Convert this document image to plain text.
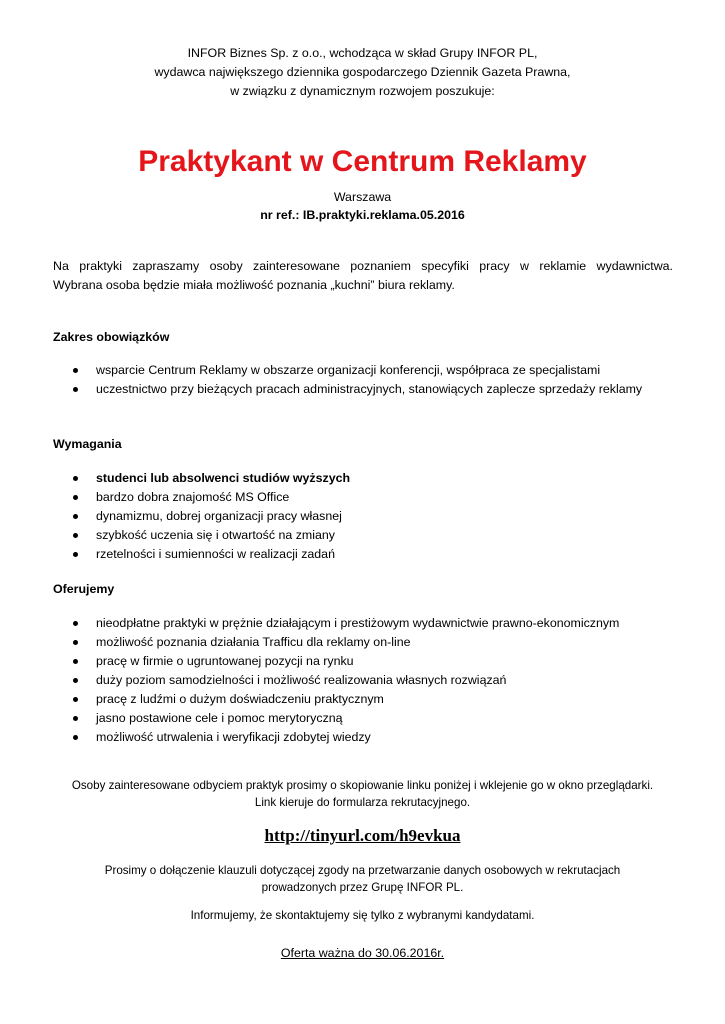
INFOR Biznes Sp. z o.o., wchodząca w skład Grupy INFOR PL,
wydawca największego dziennika gospodarczego Dziennik Gazeta Prawna,
w związku z dynamicznym rozwojem poszukuje:
Praktykant w Centrum Reklamy
Warszawa
nr ref.: IB.praktyki.reklama.05.2016
Na praktyki zapraszamy osoby zainteresowane poznaniem specyfiki pracy w reklamie wydawnictwa.
Wybrana osoba będzie miała możliwość poznania „kuchni” biura reklamy.
Zakres obowiązków
wsparcie Centrum Reklamy w obszarze organizacji konferencji, współpraca ze specjalistami
uczestnictwo przy bieżących pracach administracyjnych, stanowiących zaplecze sprzedaży reklamy
Wymagania
studenci lub absolwenci studiów wyższych
bardzo dobra znajomość MS Office
dynamizmu, dobrej organizacji pracy własnej
szybkość uczenia się i otwartość na zmiany
rzetelności i sumienności w realizacji zadań
Oferujemy
nieodpłatne praktyki w prężnie działającym i prestiżowym wydawnictwie prawno-ekonomicznym
możliwość poznania działania Trafficu dla reklamy on-line
pracę w firmie o ugruntowanej pozycji na rynku
duży poziom samodzielności i możliwość realizowania własnych rozwiązań
pracę z ludźmi o dużym doświadczeniu praktycznym
jasno postawione cele i pomoc merytoryczną
możliwość utrwalenia i weryfikacji zdobytej wiedzy
Osoby zainteresowane odbyciem praktyk prosimy o skopiowanie linku poniżej i wklejenie go w okno przeglądarki.
Link kieruje do formularza rekrutacyjnego.
http://tinyurl.com/h9evkua
Prosimy o dołączenie klauzuli dotyczącej zgody na przetwarzanie danych osobowych w rekrutacjach
prowadzonych przez Grupę INFOR PL.
Informujemy, że skontaktujemy się tylko z wybranymi kandydatami.
Oferta ważna do 30.06.2016r.
